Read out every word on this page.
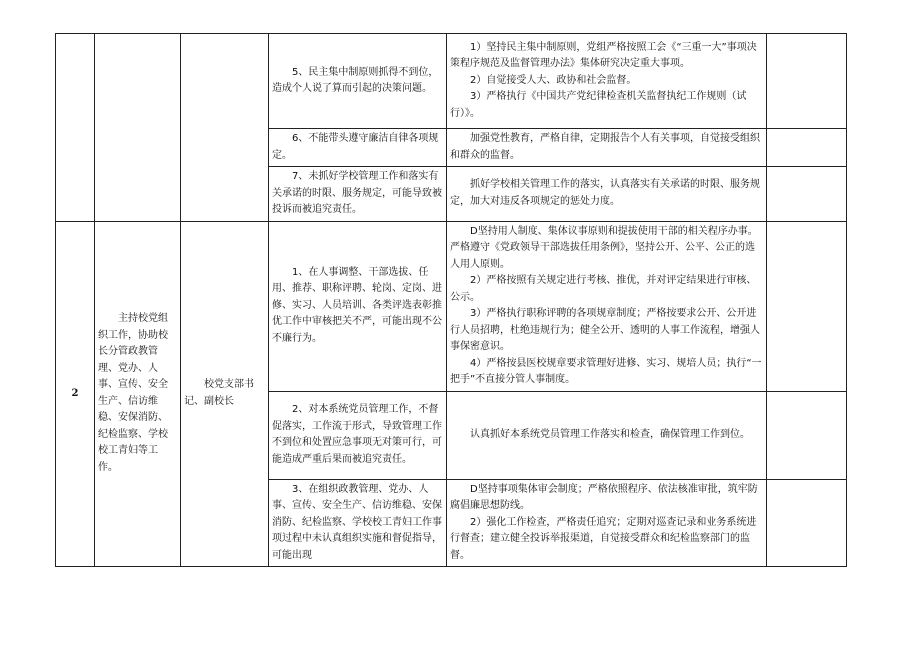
			5、民主集中制原则抓得不到位，造成个人说了算而引起的决策问题。	1）坚持民主集中制原则，党组严格按照工会《“三重一大”事项决策程序规范及监督管理办法》集体研究决定重大事项。

2）自觉接受人大、政协和社会监督。

3）严格执行《中国共产党纪律检查机关监督执纪工作规则（试行）》。	

			6、不能带头遵守廉洁自律各项规定。	加强党性教育，严格自律，定期报告个人有关事项，自觉接受组织和群众的监督。	

			7、未抓好学校管理工作和落实有关承诺的时限、服务规定，可能导致被投诉而被追究责任。	抓好学校相关管理工作的落实，认真落实有关承诺的时限、服务规定，加大对违反各项规定的惩处力度。	

2	主持校党组织工作，协助校长分管政教管理、党办、人事、宣传、安全生产、信访维稳、安保消防、纪检监察、学校校工青妇等工作。	校党支部书记、副校长	1、在人事调整、干部选拔、任用、推荐、职称评聘、轮岗、定岗、进修、实习、人员培训、各类评选表彰推优工作中审核把关不严，可能出现不公不廉行为。	D坚持用人制度、集体议事原则和提拔使用干部的相关程序办事。严格遵守《党政领导干部选拔任用条例》，坚持公开、公平、公正的选人用人原则。

2）严格按照有关规定进行考核、推优，并对评定结果进行审核、公示。

3）严格执行职称评聘的各项规章制度；严格按要求公开、公开进行人员招聘，杜绝违规行为；健全公开、透明的人事工作流程，增强人事保密意识。

4）严格按县医校规章要求管理好进修、实习、规培人员；执行“一把手”不直接分管人事制度。	

			2、对本系统党员管理工作，不督促落实，工作流于形式，导致管理工作不到位和处置应急事项无对策可行，可能造成严重后果而被追究责任。	认真抓好本系统党员管理工作落实和检查，确保管理工作到位。	

			3、在组织政教管理、党办、人事、宣传、安全生产、信访维稳、安保消防、纪检监察、学校校工青妇工作事项过程中未认真组织实施和督促指导，可能出现	D坚持事项集体审会制度；严格依照程序、依法核准审批，筑牢防腐倡廉思想防线。

2）强化工作检查，严格责任追究；定期对巡查记录和业务系统进行督查；建立健全投诉举报渠道，自觉接受群众和纪检监察部门的监督。	
